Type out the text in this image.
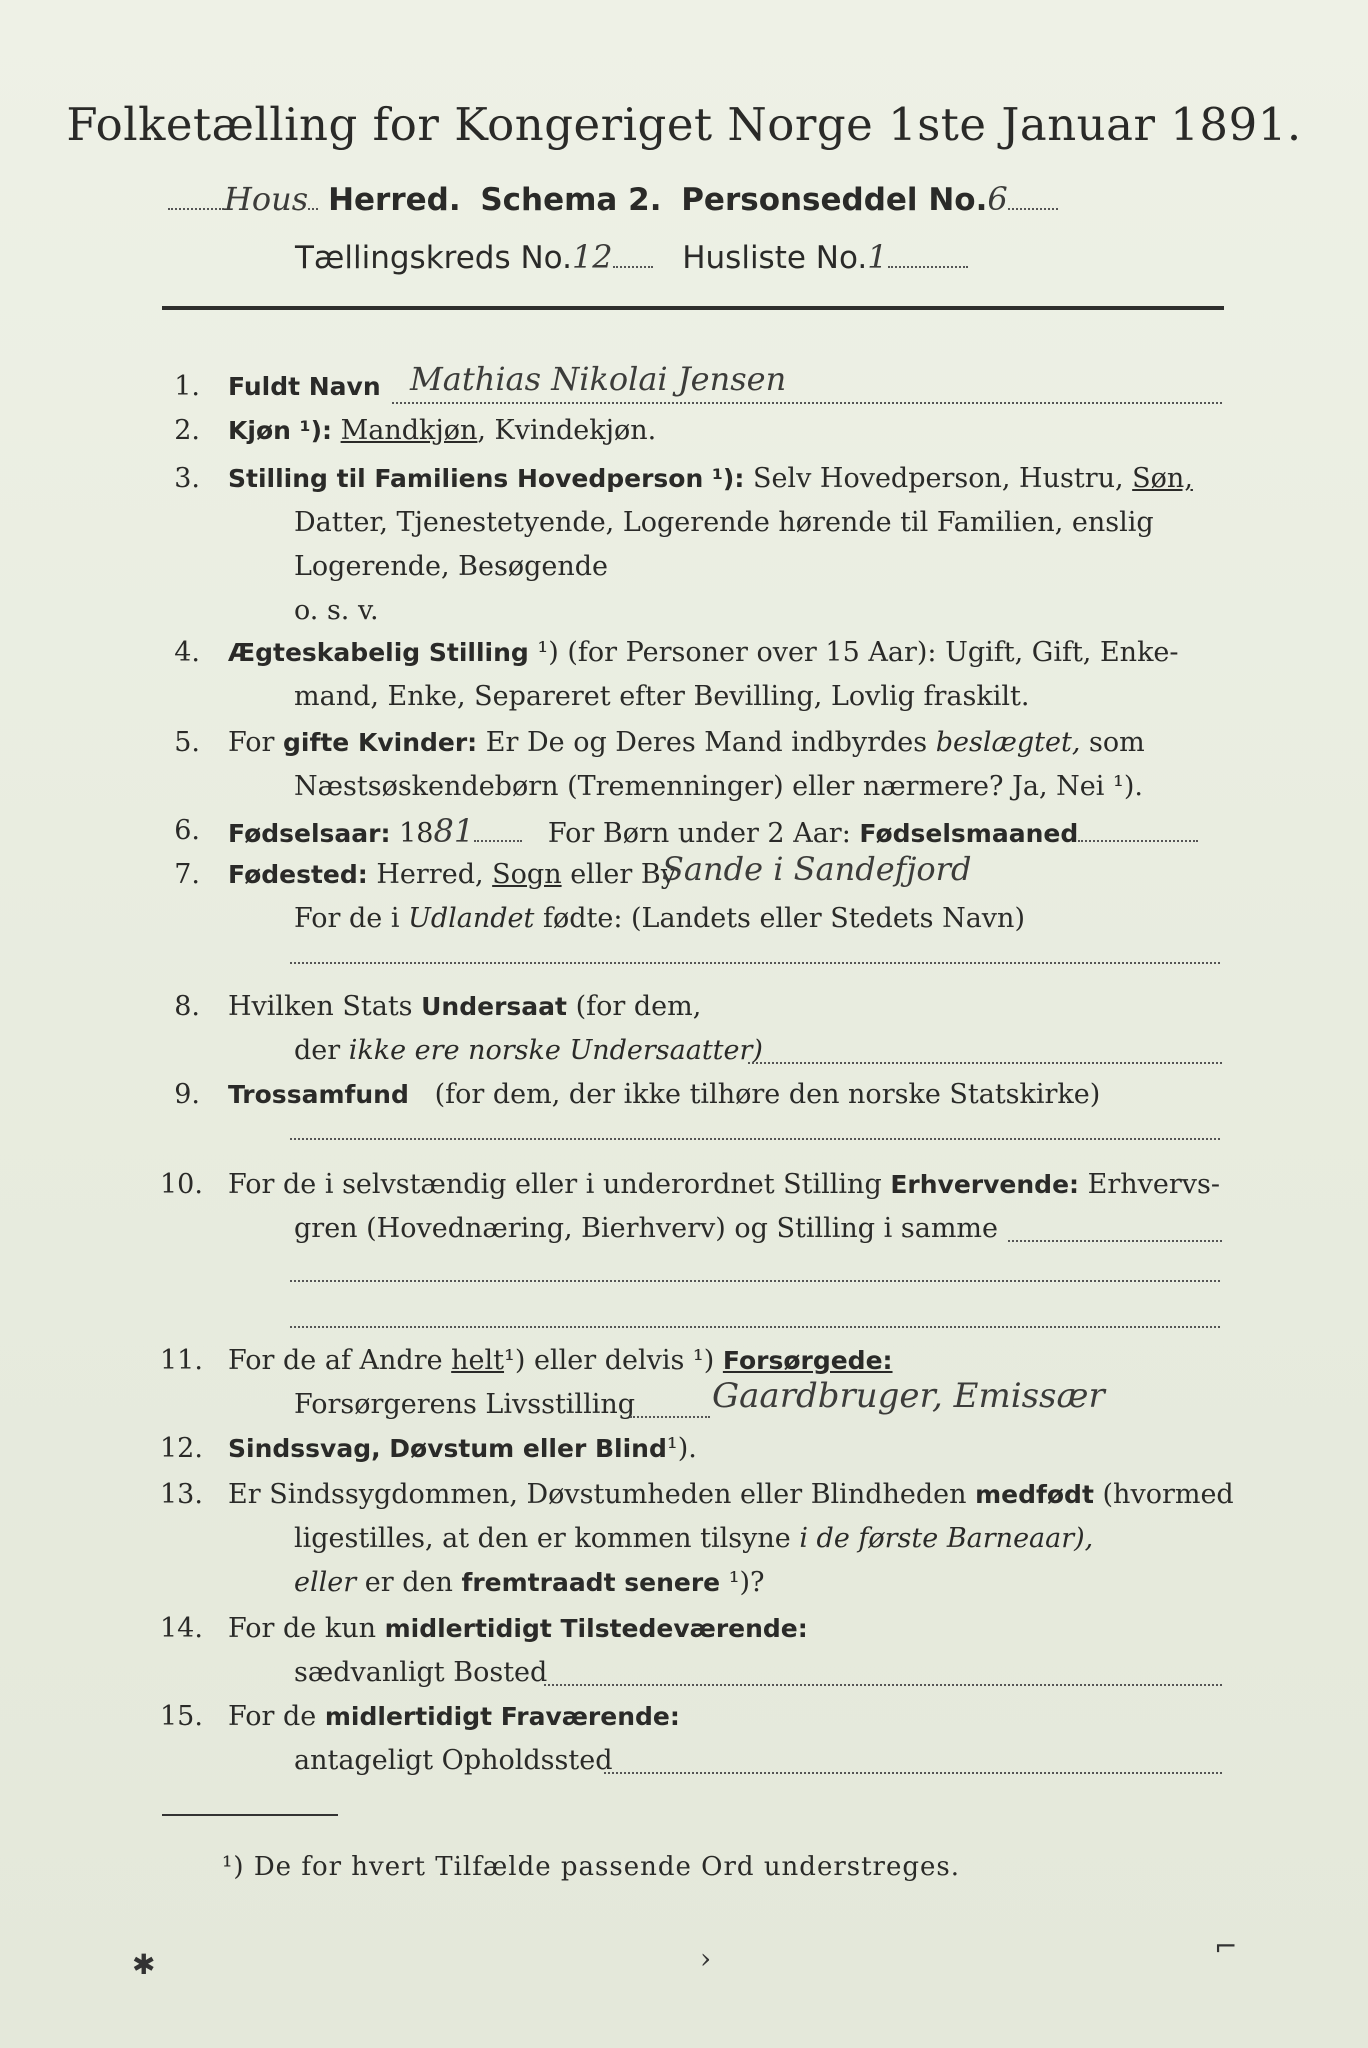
Folketælling for Kongeriget Norge 1ste Januar 1891.
Hous Herred. Schema 2. Personseddel No.6
Tællingskreds No.12 Husliste No.1
1. Fuldt Navn Mathias Nikolai Jensen
2. Kjøn ¹): Mandkjøn, Kvindekjøn.
3. Stilling til Familiens Hovedperson ¹): Selv Hovedperson, Hustru, Søn,
Datter, Tjenestetyende, Logerende hørende til Familien, enslig
Logerende, Besøgende
o. s. v.
4. Ægteskabelig Stilling ¹) (for Personer over 15 Aar): Ugift, Gift, Enke-
mand, Enke, Separeret efter Bevilling, Lovlig fraskilt.
5. For gifte Kvinder: Er De og Deres Mand indbyrdes beslægtet, som
Næstsøskendebørn (Tremenninger) eller nærmere? Ja, Nei ¹).
6. Fødselsaar: 1881	For Børn under 2 Aar: Fødselsmaaned
7. Fødested: Herred, Sogn eller By
Sande i Sandefjord
For de i Udlandet fødte: (Landets eller Stedets Navn)
8. Hvilken Stats Undersaat (for dem,
der ikke ere norske Undersaatter)
9. Trossamfund (for dem, der ikke tilhøre den norske Statskirke)
10. For de i selvstændig eller i underordnet Stilling Erhvervende: Erhvervs-
gren (Hovednæring, Bierhverv) og Stilling i samme
11. For de af Andre helt¹) eller delvis ¹) Forsørgede:
Forsørgerens Livsstilling Gaardbruger, Emissær
12. Sindssvag, Døvstum eller Blind¹).
13. Er Sindssygdommen, Døvstumheden eller Blindheden medfødt (hvormed
ligestilles, at den er kommen tilsyne i de første Barneaar),
eller er den fremtraadt senere ¹)?
14. For de kun midlertidigt Tilstedeværende:
sædvanligt Bosted
15. For de midlertidigt Fraværende:
antageligt Opholdssted
¹) De for hvert Tilfælde passende Ord understreges.
✱	›	⌐
